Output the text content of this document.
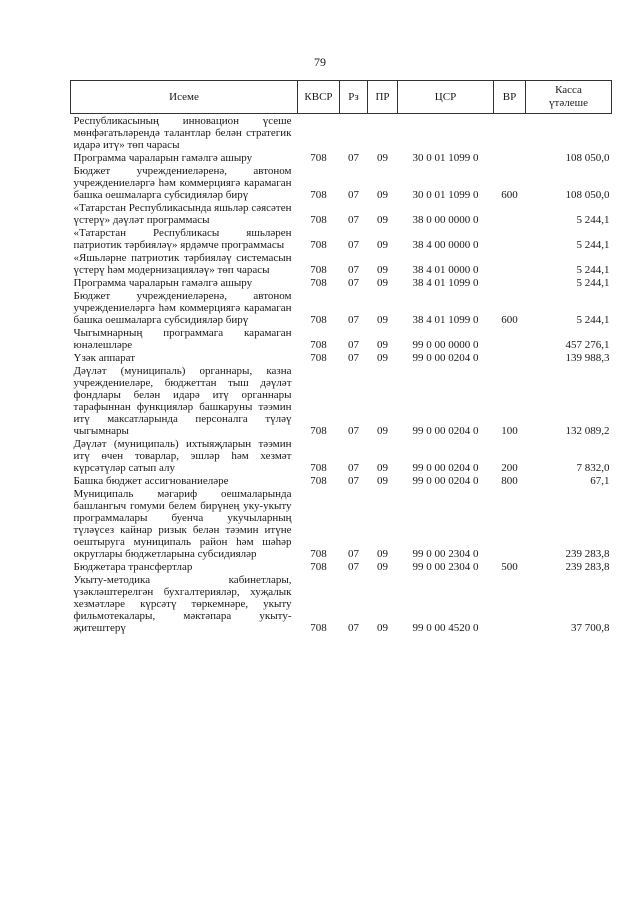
79
Исеме	КВСР	Рз	ПР	ЦСР	ВР	Касса
үтәлеше
Республикасының инновацион үсеше мөнфәгатьләрендә талантлар белән стратегик идарә итү» төп чарасы						
Программа чараларын гамәлгә ашыру	708	07	09	30 0 01 1099 0		108 050,0
Бюджет учреждениеләренә, автоном учреждениеләргә һәм коммерциягә карамаган башка оешмаларга субсидияләр бирү	708	07	09	30 0 01 1099 0	600	108 050,0
«Татарстан Республикасында яшьләр сәясәтен үстерү» дәүләт программасы	708	07	09	38 0 00 0000 0		5 244,1
«Татарстан Республикасы яшьләрен патриотик тәрбияләү» ярдәмче программасы	708	07	09	38 4 00 0000 0		5 244,1
«Яшьләрне патриотик тәрбияләү системасын үстерү һәм модернизацияләү» төп чарасы	708	07	09	38 4 01 0000 0		5 244,1
Программа чараларын гамәлгә ашыру	708	07	09	38 4 01 1099 0		5 244,1
Бюджет учреждениеләренә, автоном учреждениеләргә һәм коммерциягә карамаган башка оешмаларга субсидияләр бирү	708	07	09	38 4 01 1099 0	600	5 244,1
Чыгымнарның программага карамаган юнәлешләре	708	07	09	99 0 00 0000 0		457 276,1
Үзәк аппарат	708	07	09	99 0 00 0204 0		139 988,3
Дәүләт (муниципаль) органнары, казна учреждениеләре, бюджеттан тыш дәүләт фондлары белән идарә итү органнары тарафыннан функцияләр башкаруны тәэмин итү максатларында персоналга түләү чыгымнары	708	07	09	99 0 00 0204 0	100	132 089,2
Дәүләт (муниципаль) ихтыяҗларын тәэмин итү өчен товарлар, эшләр һәм хезмәт күрсәтүләр сатып алу	708	07	09	99 0 00 0204 0	200	7 832,0
Башка бюджет ассигнованиеләре	708	07	09	99 0 00 0204 0	800	67,1
Муниципаль мәгариф оешмаларында башлангыч гомуми белем бирүнең уку-укыту программалары буенча укучыларның түләүсез кайнар ризык белән тәэмин итүне оештыруга муниципаль район һәм шәһәр округлары бюджетларына субсидияләр	708	07	09	99 0 00 2304 0		239 283,8
Бюджетара трансфертлар	708	07	09	99 0 00 2304 0	500	239 283,8
Укыту-методика кабинетлары, үзәкләштерелгән бухгалтерияләр, хуҗалык хезмәтләре күрсәтү төркемнәре, укыту фильмотекалары, мәктәпара укыту-җитештерү	708	07	09	99 0 00 4520 0		37 700,8
